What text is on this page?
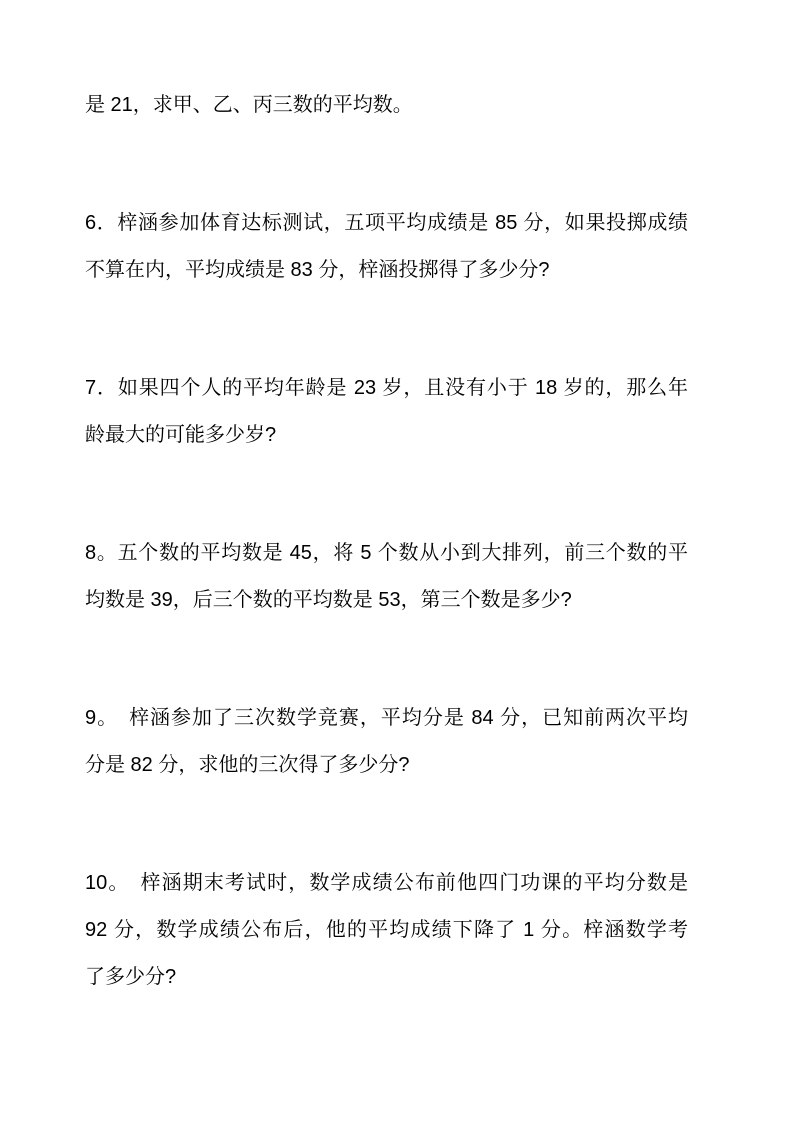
是 21，求甲、乙、丙三数的平均数。

6．梓涵参加体育达标测试，五项平均成绩是 85 分，如果投掷成绩
不算在内，平均成绩是 83 分，梓涵投掷得了多少分?

7．如果四个人的平均年龄是 23 岁，且没有小于 18 岁的，那么年
龄最大的可能多少岁?

8。五个数的平均数是 45，将 5 个数从小到大排列，前三个数的平
均数是 39，后三个数的平均数是 53，第三个数是多少?

9。　梓涵参加了三次数学竞赛，平均分是 84 分，已知前两次平均
分是 82 分，求他的三次得了多少分?

10。　梓涵期末考试时，数学成绩公布前他四门功课的平均分数是
92 分，数学成绩公布后，他的平均成绩下降了 1 分。梓涵数学考
了多少分?
